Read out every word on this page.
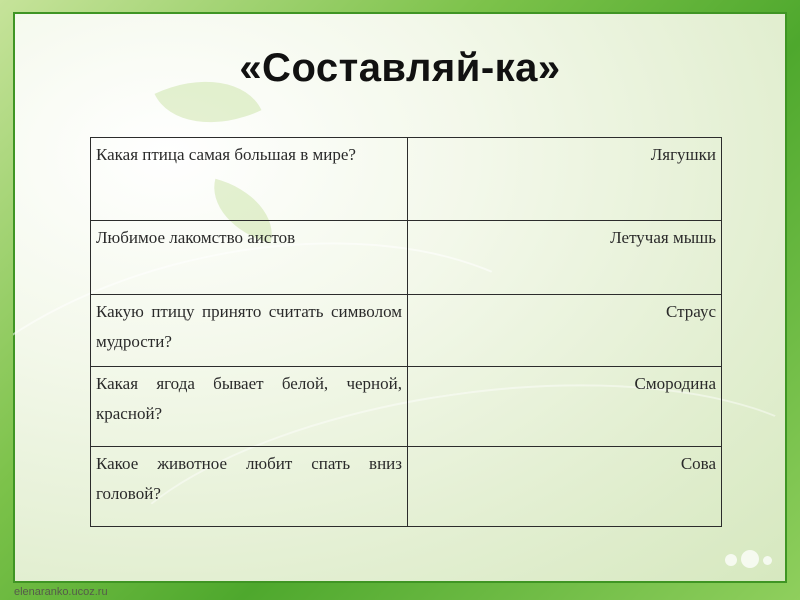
«Составляй-ка»
Какая птица самая большая в мире?	Лягушки
Любимое лакомство аистов	Летучая мышь
Какую птицу принято считать символом мудрости?	Страус
Какая ягода бывает белой, черной, красной?	Смородина
Какое животное любит спать вниз головой?	Сова
elenaranko.ucoz.ru
